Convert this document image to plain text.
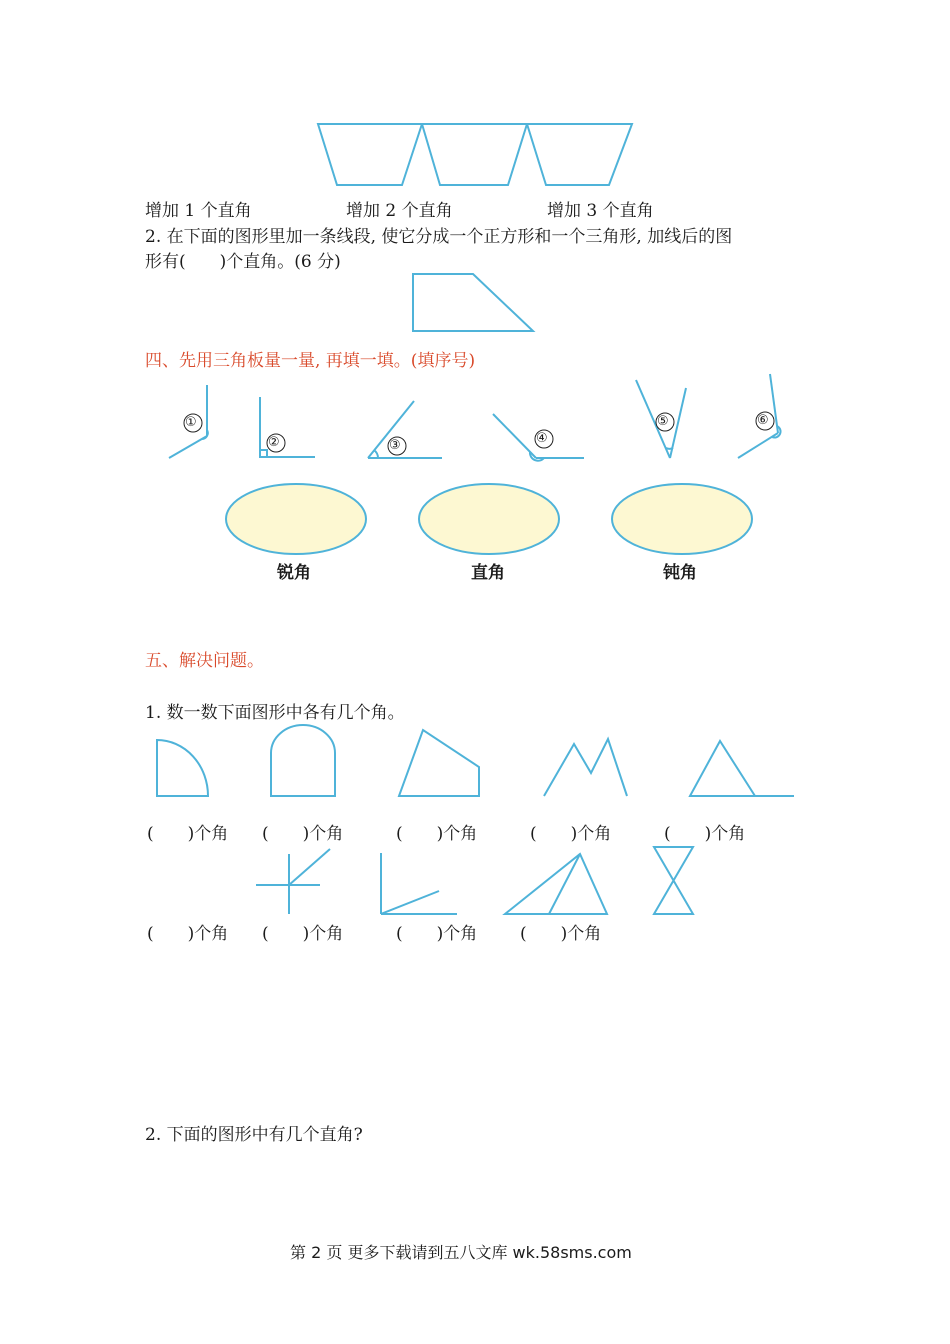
增加 1 个直角	增加 2 个直角	增加 3 个直角
2. 在下面的图形里加一条线段, 使它分成一个正方形和一个三角形, 加线后的图
形有(　　)个直角。(6 分)
四、先用三角板量一量, 再填一填。(填序号)
①
②	③	④
⑤	⑥
锐角	直角	钝角
五、解决问题。
1. 数一数下面图形中各有几个角。
(　　)个角 (　　)个角	(　　)个角	(　　)个角	(　　)个角
(　　)个角 (　　)个角	(　　)个角	(　　)个角
2. 下面的图形中有几个直角?
第 2 页 更多下载请到五八文库 wk.58sms.com
